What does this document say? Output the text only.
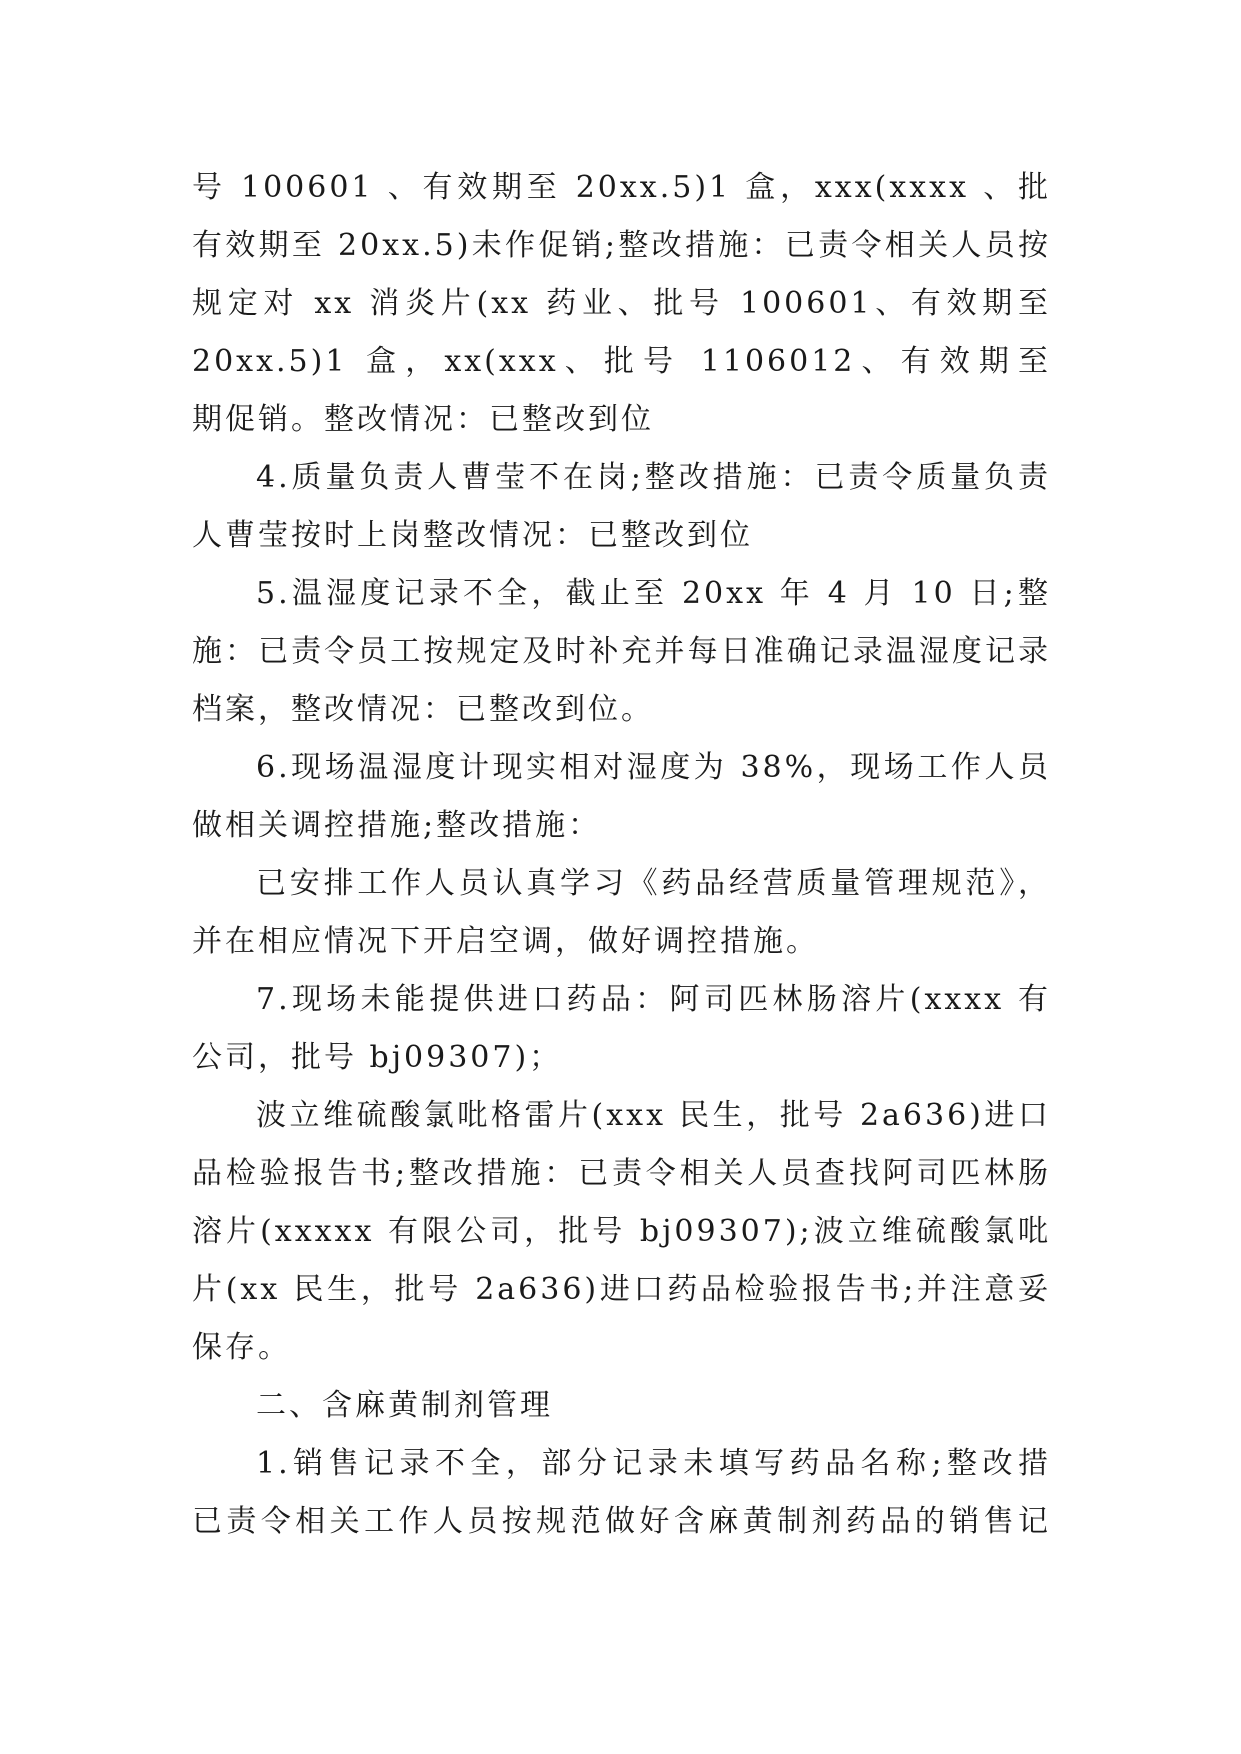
号 100601 、有效期至 20xx.5)1 盒，xxx(xxxx 、批
有效期至 20xx.5)未作促销;整改措施：已责令相关人员按
规定对 xx 消炎片(xx 药业、批号 100601、有效期至
20xx.5)1 盒，xx(xxx、批号 1106012、有效期至
期促销。整改情况：已整改到位
4.质量负责人曹莹不在岗;整改措施：已责令质量负责
人曹莹按时上岗整改情况：已整改到位
5.温湿度记录不全，截止至 20xx 年 4 月 10 日;整
施：已责令员工按规定及时补充并每日准确记录温湿度记录
档案，整改情况：已整改到位。
6.现场温湿度计现实相对湿度为 38%，现场工作人员
做相关调控措施;整改措施：
已安排工作人员认真学习《药品经营质量管理规范》，
并在相应情况下开启空调，做好调控措施。
7.现场未能提供进口药品：阿司匹林肠溶片(xxxx 有
公司，批号 bj09307)；
波立维硫酸氯吡格雷片(xxx 民生，批号 2a636)进口
品检验报告书;整改措施：已责令相关人员查找阿司匹林肠
溶片(xxxxx 有限公司，批号 bj09307);波立维硫酸氯吡
片(xx 民生，批号 2a636)进口药品检验报告书;并注意妥
保存。
二、含麻黄制剂管理
1.销售记录不全，部分记录未填写药品名称;整改措
已责令相关工作人员按规范做好含麻黄制剂药品的销售记
